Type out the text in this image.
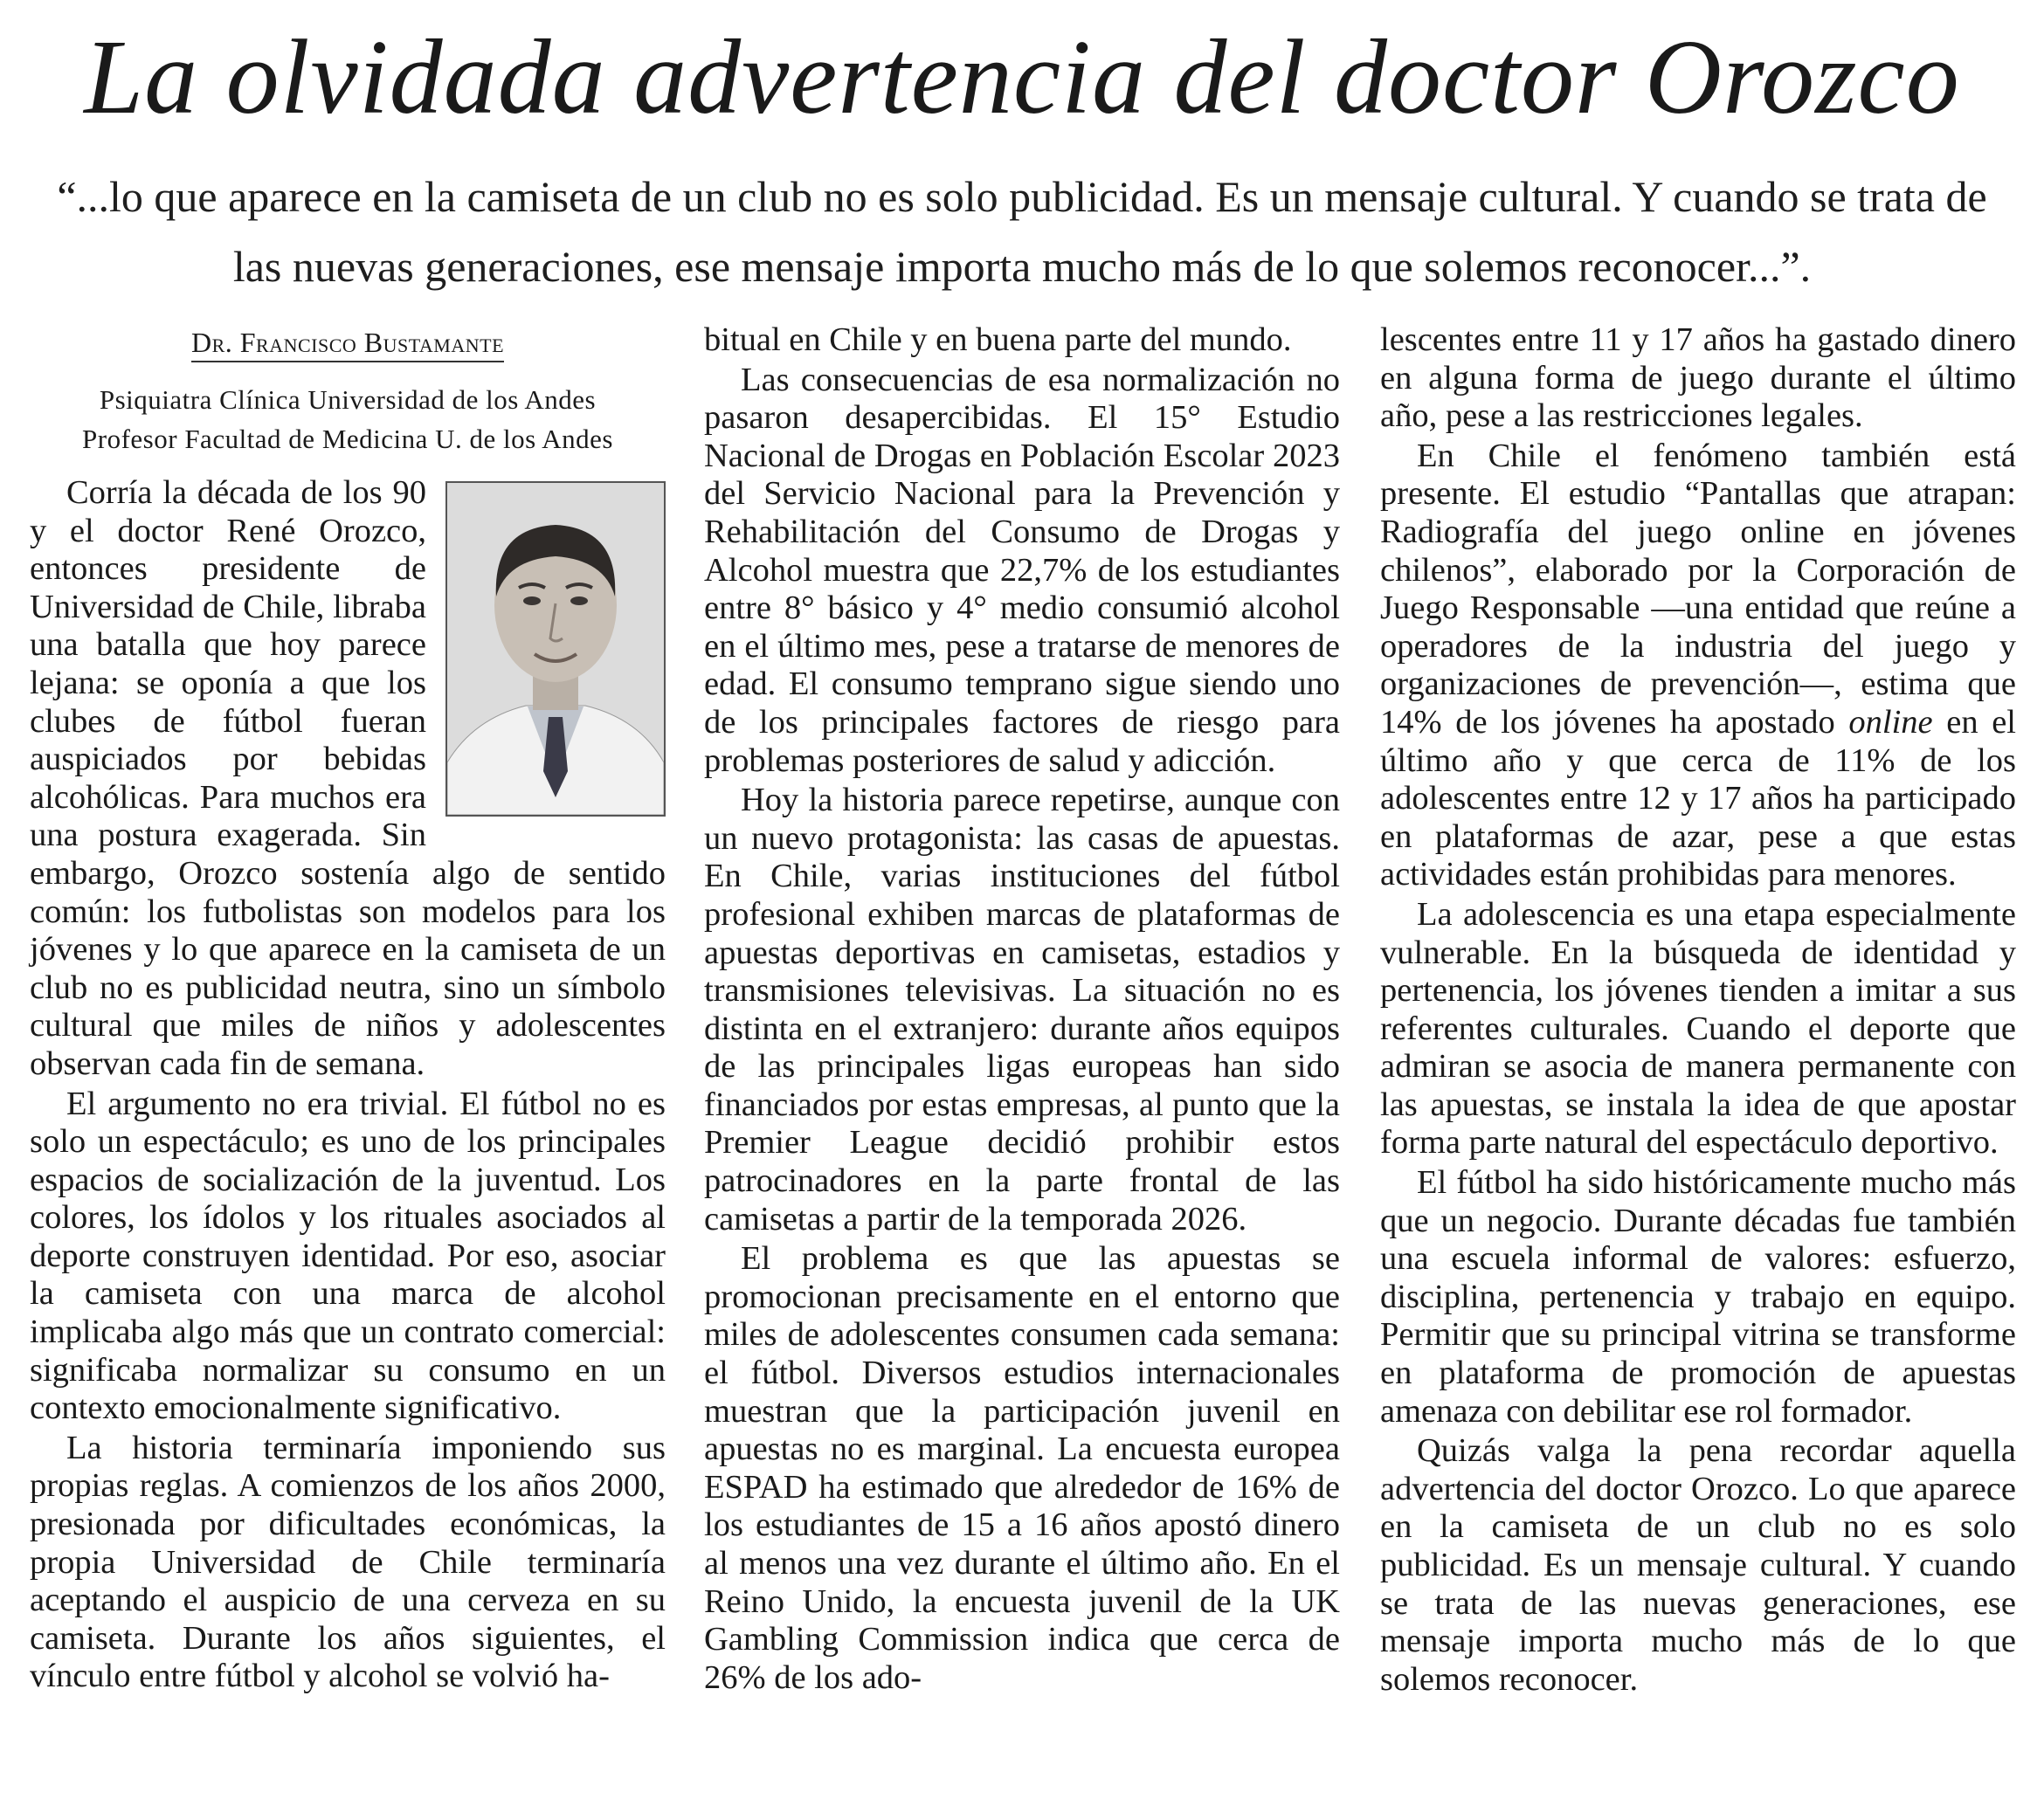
La olvidada advertencia del doctor Orozco

“...lo que aparece en la camiseta de un club no es solo publicidad. Es un mensaje cultural. Y cuando se trata de las nuevas generaciones, ese mensaje importa mucho más de lo que solemos reconocer...”.

Dr. Francisco Bustamante
Psiquiatra Clínica Universidad de los Andes
Profesor Facultad de Medicina U. de los Andes

Corría la década de los 90 y el doctor René Orozco, entonces presidente de Universidad de Chile, libraba una batalla que hoy parece lejana: se oponía a que los clubes de fútbol fueran auspiciados por bebidas alcohólicas. Para muchos era una postura exagerada. Sin embargo, Orozco sostenía algo de sentido común: los futbolistas son modelos para los jóvenes y lo que aparece en la camiseta de un club no es publicidad neutra, sino un símbolo cultural que miles de niños y adolescentes observan cada fin de semana.

El argumento no era trivial. El fútbol no es solo un espectáculo; es uno de los principales espacios de socialización de la juventud. Los colores, los ídolos y los rituales asociados al deporte construyen identidad. Por eso, asociar la camiseta con una marca de alcohol implicaba algo más que un contrato comercial: significaba normalizar su consumo en un contexto emocionalmente significativo.

La historia terminaría imponiendo sus propias reglas. A comienzos de los años 2000, presionada por dificultades económicas, la propia Universidad de Chile terminaría aceptando el auspicio de una cerveza en su camiseta. Durante los años siguientes, el vínculo entre fútbol y alcohol se volvió ha-

bitual en Chile y en buena parte del mundo.

Las consecuencias de esa normalización no pasaron desapercibidas. El 15° Estudio Nacional de Drogas en Población Escolar 2023 del Servicio Nacional para la Prevención y Rehabilitación del Consumo de Drogas y Alcohol muestra que 22,7% de los estudiantes entre 8° básico y 4° medio consumió alcohol en el último mes, pese a tratarse de menores de edad. El consumo temprano sigue siendo uno de los principales factores de riesgo para problemas posteriores de salud y adicción.

Hoy la historia parece repetirse, aunque con un nuevo protagonista: las casas de apuestas. En Chile, varias instituciones del fútbol profesional exhiben marcas de plataformas de apuestas deportivas en camisetas, estadios y transmisiones televisivas. La situación no es distinta en el extranjero: durante años equipos de las principales ligas europeas han sido financiados por estas empresas, al punto que la Premier League decidió prohibir estos patrocinadores en la parte frontal de las camisetas a partir de la temporada 2026.

El problema es que las apuestas se promocionan precisamente en el entorno que miles de adolescentes consumen cada semana: el fútbol. Diversos estudios internacionales muestran que la participación juvenil en apuestas no es marginal. La encuesta europea ESPAD ha estimado que alrededor de 16% de los estudiantes de 15 a 16 años apostó dinero al menos una vez durante el último año. En el Reino Unido, la encuesta juvenil de la UK Gambling Commission indica que cerca de 26% de los ado-

lescentes entre 11 y 17 años ha gastado dinero en alguna forma de juego durante el último año, pese a las restricciones legales.

En Chile el fenómeno también está presente. El estudio “Pantallas que atrapan: Radiografía del juego online en jóvenes chilenos”, elaborado por la Corporación de Juego Responsable —una entidad que reúne a operadores de la industria del juego y organizaciones de prevención—, estima que 14% de los jóvenes ha apostado online en el último año y que cerca de 11% de los adolescentes entre 12 y 17 años ha participado en plataformas de azar, pese a que estas actividades están prohibidas para menores.

La adolescencia es una etapa especialmente vulnerable. En la búsqueda de identidad y pertenencia, los jóvenes tienden a imitar a sus referentes culturales. Cuando el deporte que admiran se asocia de manera permanente con las apuestas, se instala la idea de que apostar forma parte natural del espectáculo deportivo.

El fútbol ha sido históricamente mucho más que un negocio. Durante décadas fue también una escuela informal de valores: esfuerzo, disciplina, pertenencia y trabajo en equipo. Permitir que su principal vitrina se transforme en plataforma de promoción de apuestas amenaza con debilitar ese rol formador.

Quizás valga la pena recordar aquella advertencia del doctor Orozco. Lo que aparece en la camiseta de un club no es solo publicidad. Es un mensaje cultural. Y cuando se trata de las nuevas generaciones, ese mensaje importa mucho más de lo que solemos reconocer.
